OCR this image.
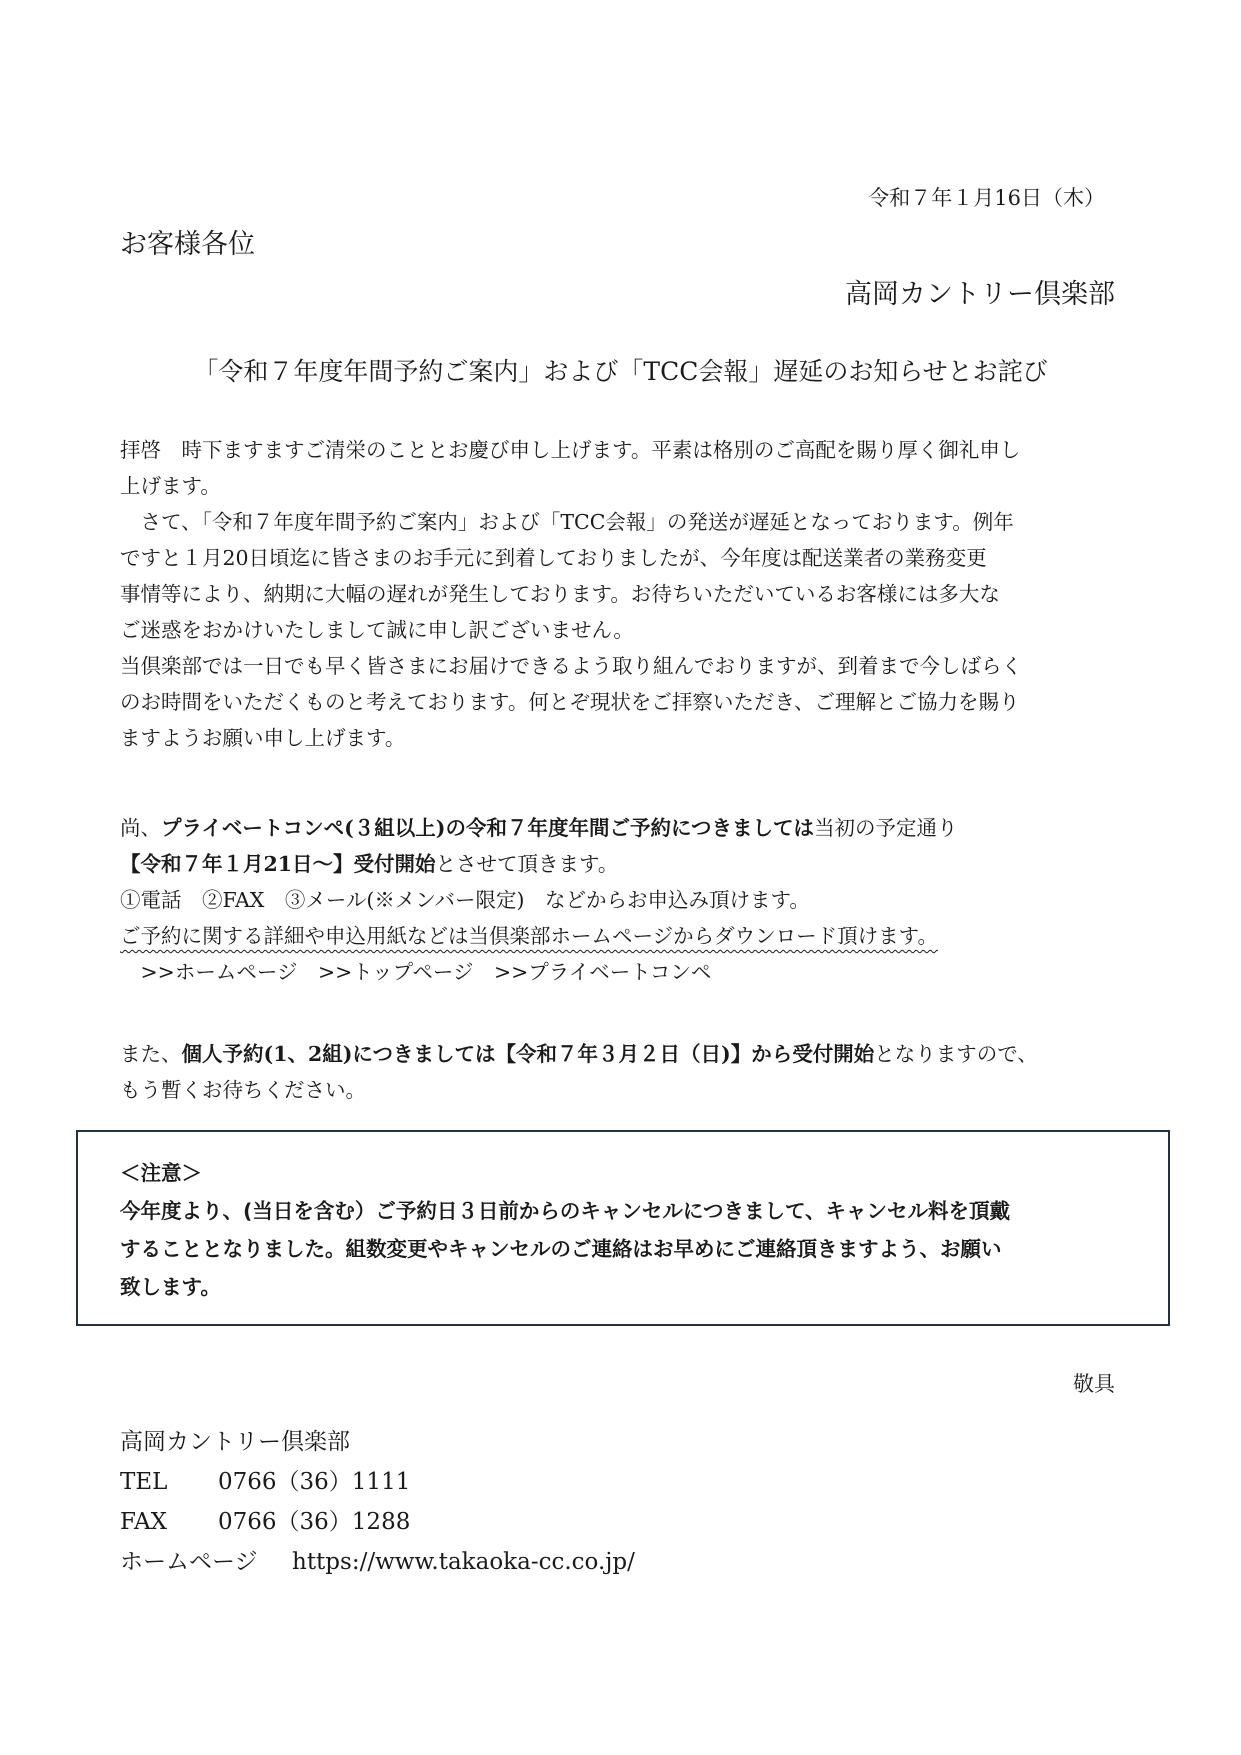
令和７年１月16日（木）
お客様各位
高岡カントリー倶楽部
「令和７年度年間予約ご案内」および「TCC会報」遅延のお知らせとお詫び
拝啓　時下ますますご清栄のこととお慶び申し上げます。平素は格別のご高配を賜り厚く御礼申し
上げます。
　さて、「令和７年度年間予約ご案内」および「TCC会報」の発送が遅延となっております。例年
ですと１月20日頃迄に皆さまのお手元に到着しておりましたが、今年度は配送業者の業務変更
事情等により、納期に大幅の遅れが発生しております。お待ちいただいているお客様には多大な
ご迷惑をおかけいたしまして誠に申し訳ございません。
当倶楽部では一日でも早く皆さまにお届けできるよう取り組んでおりますが、到着まで今しばらく
のお時間をいただくものと考えております。何とぞ現状をご拝察いただき、ご理解とご協力を賜り
ますようお願い申し上げます。
尚、プライベートコンペ(３組以上)の令和７年度年間ご予約につきましては当初の予定通り
【令和７年１月21日〜】受付開始とさせて頂きます。
①電話　②FAX　③メール(※メンバー限定)　などからお申込み頂けます。
ご予約に関する詳細や申込用紙などは当倶楽部ホームページからダウンロード頂けます。
　>>ホームページ　>>トップページ　>>プライベートコンペ
また、個人予約(1、2組)につきましては【令和７年３月２日（日)】から受付開始となりますので、
もう暫くお待ちください。
＜注意＞
今年度より、(当日を含む）ご予約日３日前からのキャンセルにつきまして、キャンセル料を頂戴
することとなりました。組数変更やキャンセルのご連絡はお早めにご連絡頂きますよう、お願い
致します。
敬具
高岡カントリー倶楽部
TEL 0766（36）1111
FAX 0766（36）1288
ホームページ https://www.takaoka-cc.co.jp/
